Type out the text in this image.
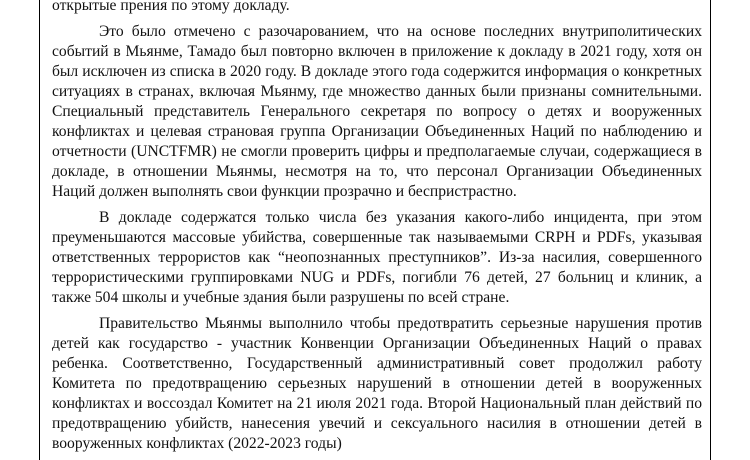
открытые прения по этому докладу.

Это было отмечено с разочарованием, что на основе последних внутриполитических событий в Мьянме, Тамадо был повторно включен в приложение к докладу в 2021 году, хотя он был исключен из списка в 2020 году. В докладе этого года содержится информация о конкретных ситуациях в странах, включая Мьянму, где множество данных были признаны сомнительными. Специальный представитель Генерального секретаря по вопросу о детях и вооруженных конфликтах и целевая страновая группа Организации Объединенных Наций по наблюдению и отчетности (UNCTFMR) не смогли проверить цифры и предполагаемые случаи, содержащиеся в докладе, в отношении Мьянмы, несмотря на то, что персонал Организации Объединенных Наций должен выполнять свои функции прозрачно и беспристрастно.

В докладе содержатся только числа без указания какого-либо инцидента, при этом преуменьшаются массовые убийства, совершенные так называемыми CRPH и PDFs, указывая ответственных террористов как “неопознанных преступников”. Из-за насилия, совершенного террористическими группировками NUG и PDFs, погибли 76 детей, 27 больниц и клиник, а также 504 школы и учебные здания были разрушены по всей стране.

Правительство Мьянмы выполнило чтобы предотвратить серьезные нарушения против детей как государство - участник Конвенции Организации Объединенных Наций о правах ребенка. Соответственно, Государственный административный совет продолжил работу Комитета по предотвращению серьезных нарушений в отношении детей в вооруженных конфликтах и воссоздал Комитет на 21 июля 2021 года. Второй Национальный план действий по предотвращению убийств, нанесения увечий и сексуального насилия в отношении детей в вооруженных конфликтах (2022-2023 годы)
